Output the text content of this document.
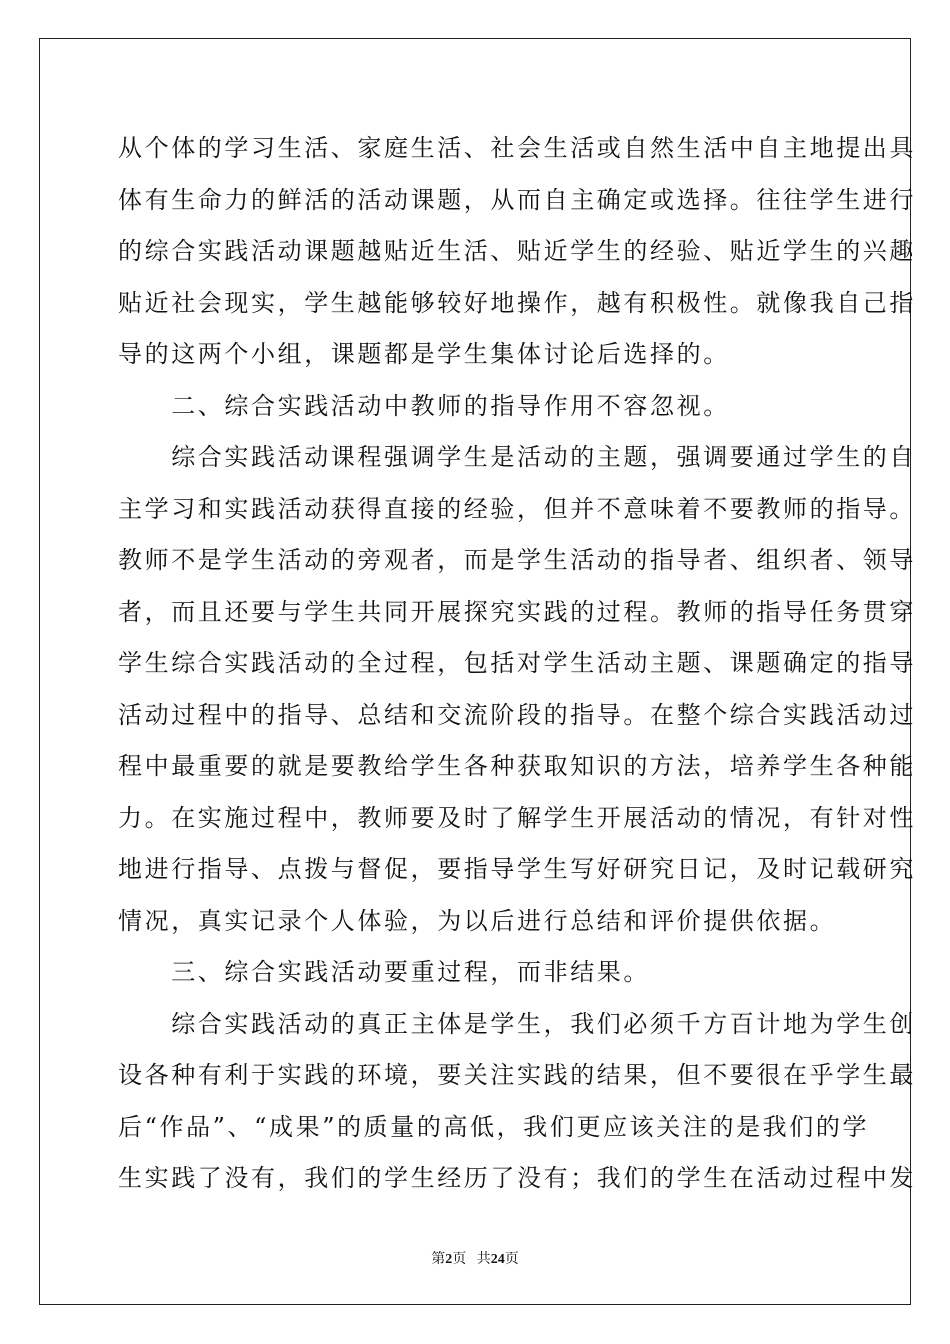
从个体的学习生活、家庭生活、社会生活或自然生活中自主地提出具
体有生命力的鲜活的活动课题，从而自主确定或选择。往往学生进行
的综合实践活动课题越贴近生活、贴近学生的经验、贴近学生的兴趣
贴近社会现实，学生越能够较好地操作，越有积极性。就像我自己指
导的这两个小组，课题都是学生集体讨论后选择的。
　　二、综合实践活动中教师的指导作用不容忽视。
　　综合实践活动课程强调学生是活动的主题，强调要通过学生的自
主学习和实践活动获得直接的经验，但并不意味着不要教师的指导。
教师不是学生活动的旁观者，而是学生活动的指导者、组织者、领导
者，而且还要与学生共同开展探究实践的过程。教师的指导任务贯穿
学生综合实践活动的全过程，包括对学生活动主题、课题确定的指导
活动过程中的指导、总结和交流阶段的指导。在整个综合实践活动过
程中最重要的就是要教给学生各种获取知识的方法，培养学生各种能
力。在实施过程中，教师要及时了解学生开展活动的情况，有针对性
地进行指导、点拨与督促，要指导学生写好研究日记，及时记载研究
情况，真实记录个人体验，为以后进行总结和评价提供依据。
　　三、综合实践活动要重过程，而非结果。
　　综合实践活动的真正主体是学生，我们必须千方百计地为学生创
设各种有利于实践的环境，要关注实践的结果，但不要很在乎学生最
后“作品”、“成果”的质量的高低，我们更应该关注的是我们的学
生实践了没有，我们的学生经历了没有；我们的学生在活动过程中发
第2页 共24页
